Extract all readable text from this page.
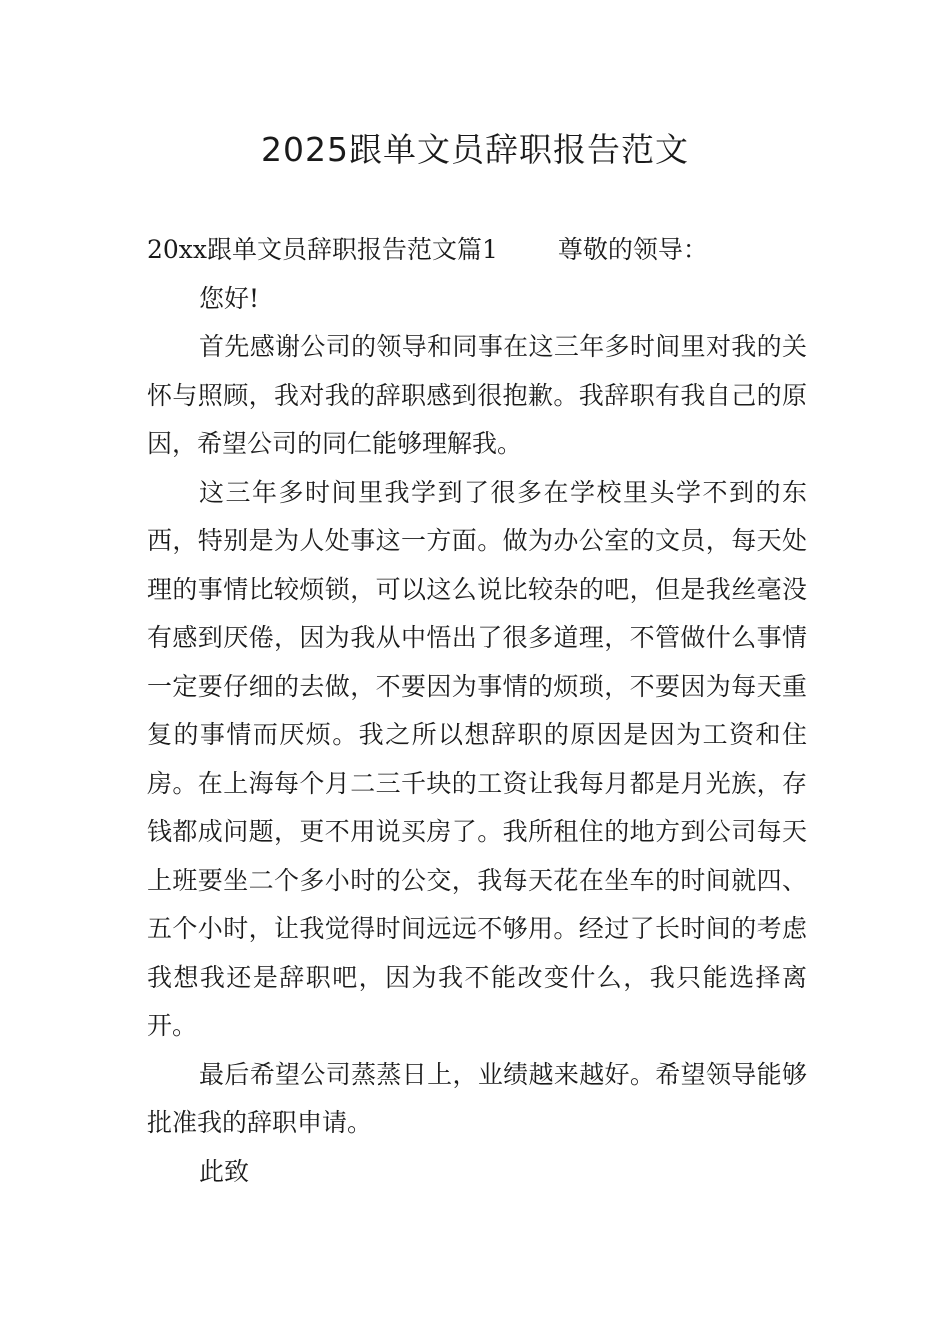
2025跟单文员辞职报告范文

20xx跟单文员辞职报告范文篇1 尊敬的领导：

您好!

首先感谢公司的领导和同事在这三年多时间里对我的关怀与照顾，我对我的辞职感到很抱歉。我辞职有我自己的原因，希望公司的同仁能够理解我。

这三年多时间里我学到了很多在学校里头学不到的东西，特别是为人处事这一方面。做为办公室的文员，每天处理的事情比较烦锁，可以这么说比较杂的吧，但是我丝毫没有感到厌倦，因为我从中悟出了很多道理，不管做什么事情一定要仔细的去做，不要因为事情的烦琐，不要因为每天重复的事情而厌烦。我之所以想辞职的原因是因为工资和住房。在上海每个月二三千块的工资让我每月都是月光族，存钱都成问题，更不用说买房了。我所租住的地方到公司每天上班要坐二个多小时的公交，我每天花在坐车的时间就四、五个小时，让我觉得时间远远不够用。经过了长时间的考虑我想我还是辞职吧，因为我不能改变什么，我只能选择离开。

最后希望公司蒸蒸日上，业绩越来越好。希望领导能够批准我的辞职申请。

此致
